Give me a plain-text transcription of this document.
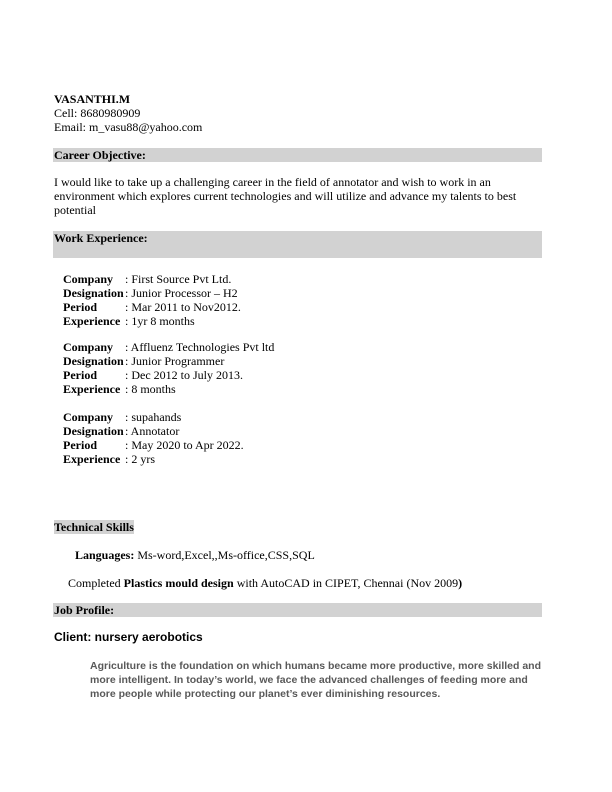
VASANTHI.M
Cell: 8680980909
Email: m_vasu88@yahoo.com
Career Objective:
I would like to take up a challenging career in the field of annotator and wish to work in an environment which explores current technologies and will utilize and advance my talents to best potential
Work Experience:
Company : First Source Pvt Ltd.
Designation: Junior Processor – H2
Period : Mar 2011 to Nov2012.
Experience : 1yr 8 months
Company : Affluenz Technologies Pvt ltd
Designation: Junior Programmer
Period : Dec 2012 to July 2013.
Experience : 8 months
Company : supahands
Designation: Annotator
Period : May 2020 to Apr 2022.
Experience : 2 yrs
Technical Skills
Languages: Ms-word,Excel,,Ms-office,CSS,SQL
Completed Plastics mould design with AutoCAD in CIPET, Chennai (Nov 2009)
Job Profile:
Client: nursery aerobotics
Agriculture is the foundation on which humans became more productive, more skilled and more intelligent. In today’s world, we face the advanced challenges of feeding more and more people while protecting our planet’s ever diminishing resources.
